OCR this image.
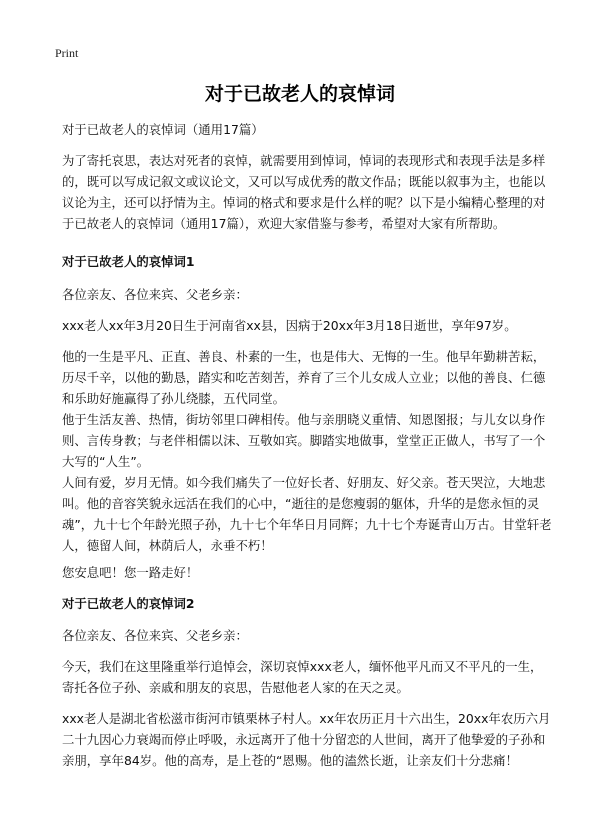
Print
对于已故老人的哀悼词

对于已故老人的哀悼词（通用17篇）

为了寄托哀思，表达对死者的哀悼，就需要用到悼词，悼词的表现形式和表现手法是多样的，既可以写成记叙文或议论文，又可以写成优秀的散文作品；既能以叙事为主，也能以议论为主，还可以抒情为主。悼词的格式和要求是什么样的呢？以下是小编精心整理的对于已故老人的哀悼词（通用17篇），欢迎大家借鉴与参考，希望对大家有所帮助。

对于已故老人的哀悼词1

各位亲友、各位来宾、父老乡亲：

xxx老人xx年3月20日生于河南省xx县，因病于20xx年3月18日逝世，享年97岁。

他的一生是平凡、正直、善良、朴素的一生，也是伟大、无悔的一生。他早年勤耕苦耘，历尽千辛，以他的勤恳，踏实和吃苦刻苦，养育了三个儿女成人立业；以他的善良、仁德和乐助好施赢得了孙儿绕膝，五代同堂。

他于生活友善、热情，街坊邻里口碑相传。他与亲朋晓义重情、知恩图报；与儿女以身作则、言传身教；与老伴相儒以沫、互敬如宾。脚踏实地做事，堂堂正正做人，书写了一个大写的“人生”。

人间有爱，岁月无情。如今我们痛失了一位好长者、好朋友、好父亲。苍天哭泣，大地悲叫。他的音容笑貌永远活在我们的心中，“逝往的是您瘦弱的躯体，升华的是您永恒的灵魂”，九十七个年龄光照子孙，九十七个年华日月同辉；九十七个寿诞青山万古。甘堂轩老人，德留人间，林荫后人，永垂不朽！

您安息吧！您一路走好！

对于已故老人的哀悼词2

各位亲友、各位来宾、父老乡亲：

今天，我们在这里隆重举行追悼会，深切哀悼xxx老人，缅怀他平凡而又不平凡的一生，寄托各位子孙、亲戚和朋友的哀思，告慰他老人家的在天之灵。

xxx老人是湖北省松滋市街河市镇栗林子村人。xx年农历正月十六出生，20xx年农历六月二十九因心力衰竭而停止呼吸，永远离开了他十分留恋的人世间，离开了他挚爱的子孙和亲朋，享年84岁。他的高寿，是上苍的“恩赐。他的溘然长逝，让亲友们十分悲痛！
